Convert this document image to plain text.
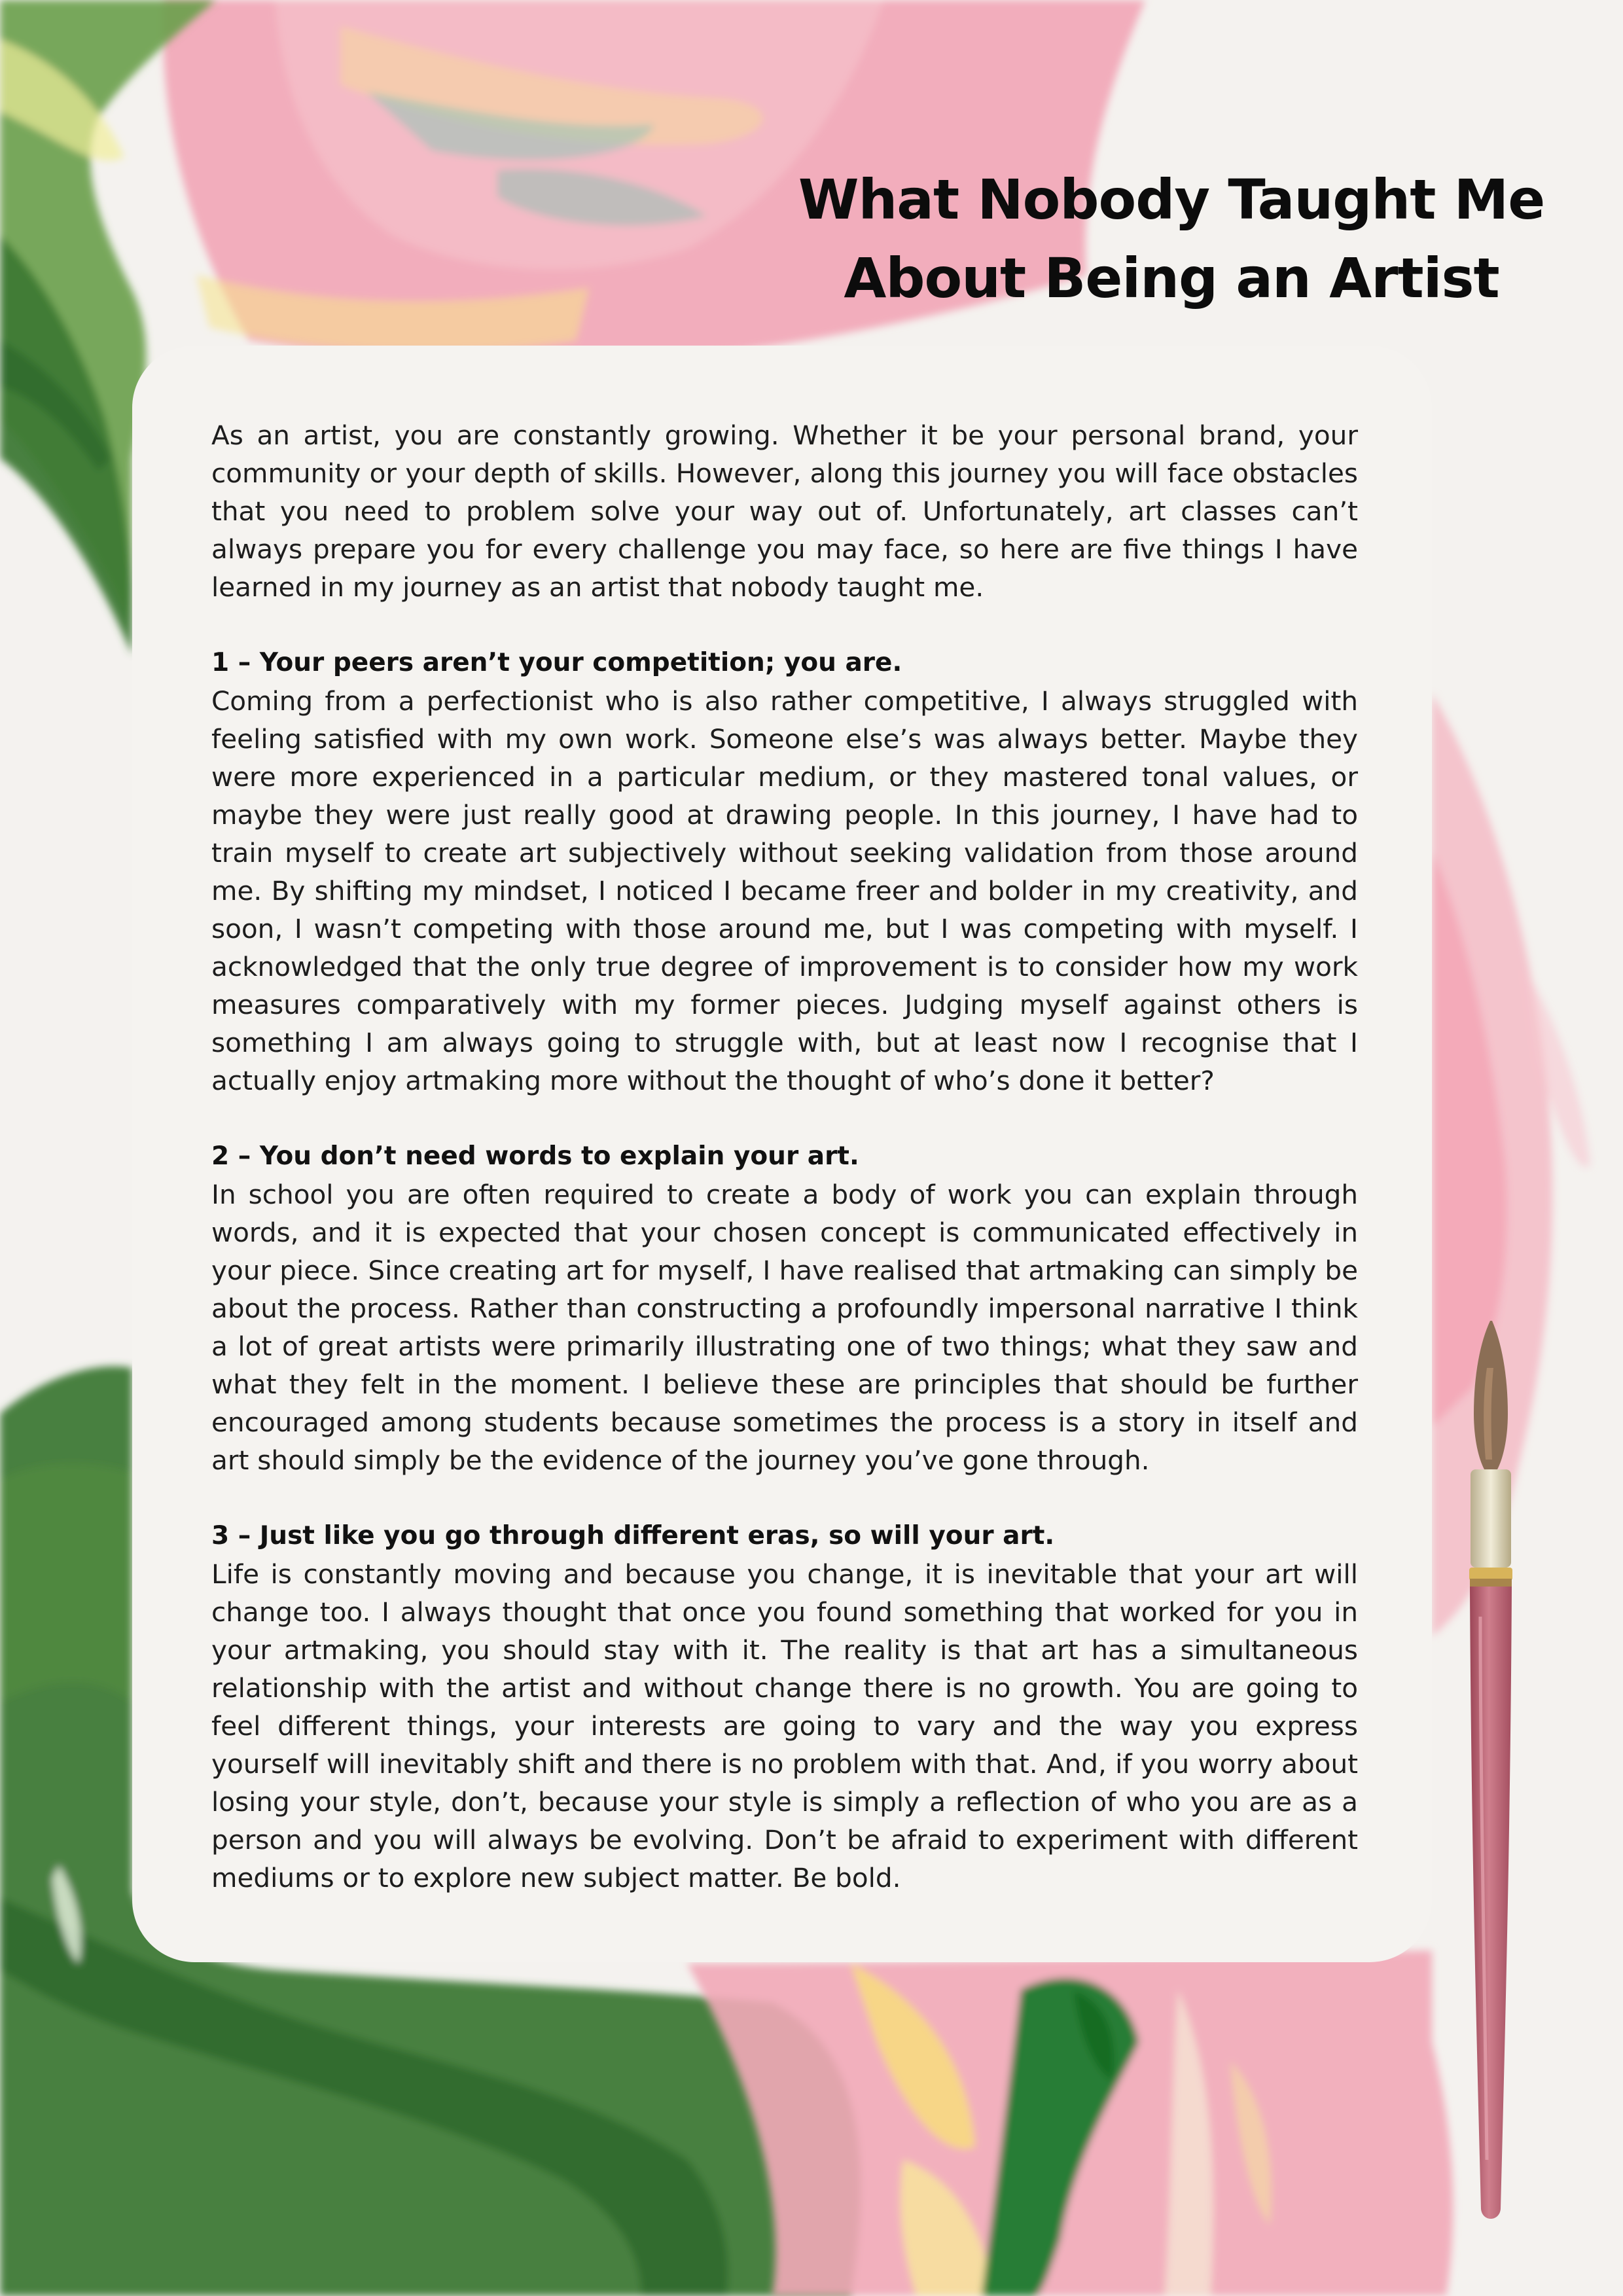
What Nobody Taught Me
About Being an Artist

As an artist, you are constantly growing. Whether it be your personal brand, your community or your depth of skills. However, along this journey you will face obstacles that you need to problem solve your way out of. Unfortunately, art classes can’t always prepare you for every challenge you may face, so here are five things I have learned in my journey as an artist that nobody taught me.

1 – Your peers aren’t your competition; you are.

Coming from a perfectionist who is also rather competitive, I always struggled with feeling satisfied with my own work. Someone else’s was always better. Maybe they were more experienced in a particular medium, or they mastered tonal values, or maybe they were just really good at drawing people. In this journey, I have had to train myself to create art subjectively without seeking validation from those around me. By shifting my mindset, I noticed I became freer and bolder in my creativity, and soon, I wasn’t competing with those around me, but I was competing with myself. I acknowledged that the only true degree of improvement is to consider how my work measures comparatively with my former pieces. Judging myself against others is something I am always going to struggle with, but at least now I recognise that I actually enjoy artmaking more without the thought of who’s done it better?

2 – You don’t need words to explain your art.

In school you are often required to create a body of work you can explain through words, and it is expected that your chosen concept is communicated effectively in your piece. Since creating art for myself, I have realised that artmaking can simply be about the process. Rather than constructing a profoundly impersonal narrative I think a lot of great artists were primarily illustrating one of two things; what they saw and what they felt in the moment. I believe these are principles that should be further encouraged among students because sometimes the process is a story in itself and art should simply be the evidence of the journey you’ve gone through.

3 – Just like you go through different eras, so will your art.

Life is constantly moving and because you change, it is inevitable that your art will change too. I always thought that once you found something that worked for you in your artmaking, you should stay with it. The reality is that art has a simultaneous relationship with the artist and without change there is no growth. You are going to feel different things, your interests are going to vary and the way you express yourself will inevitably shift and there is no problem with that. And, if you worry about losing your style, don’t, because your style is simply a reflection of who you are as a person and you will always be evolving. Don’t be afraid to experiment with different mediums or to explore new subject matter. Be bold.
